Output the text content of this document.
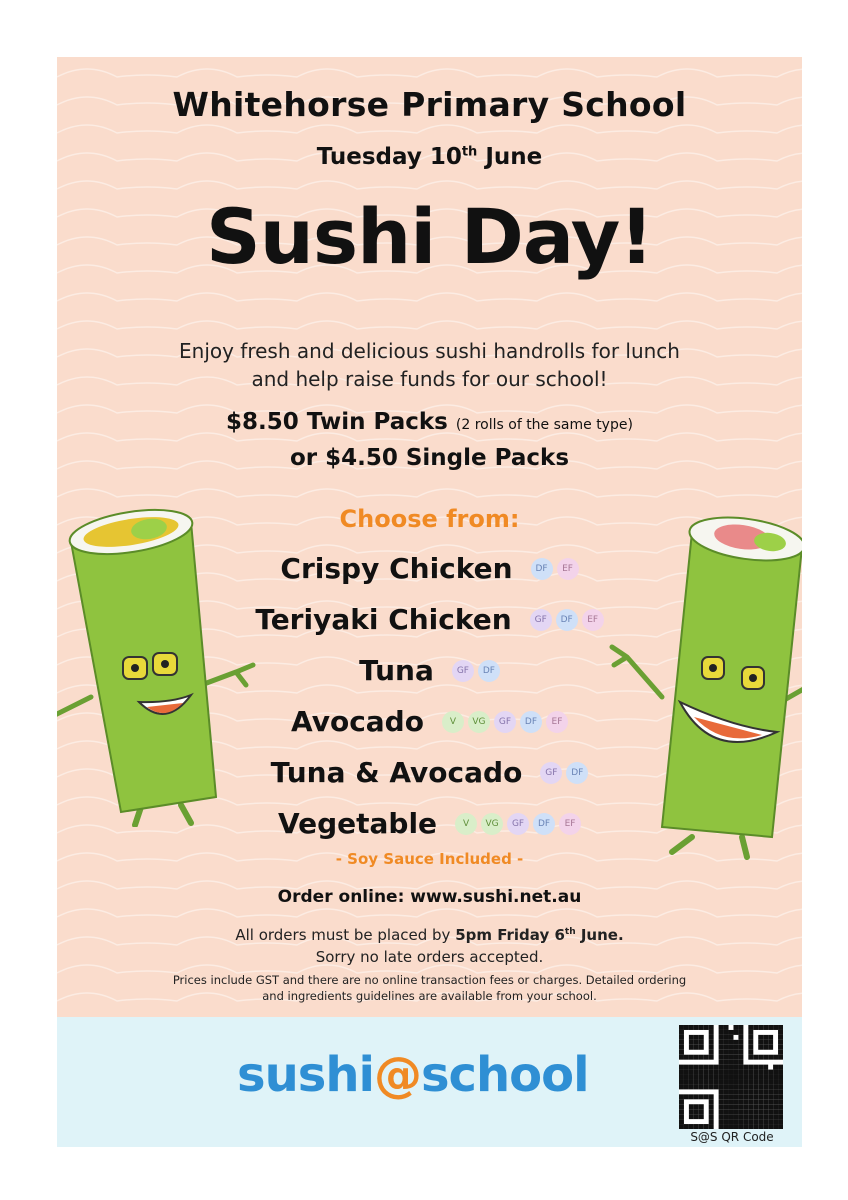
Whitehorse Primary School
Tuesday 10th June
Sushi Day!
Enjoy fresh and delicious sushi handrolls for lunch
and help raise funds for our school!
$8.50 Twin Packs (2 rolls of the same type)
or $4.50 Single Packs
Choose from:
Crispy Chicken	DF	EF
Teriyaki Chicken	GF	DF	EF
Tuna	GF	DF
Avocado	V	VG	GF	DF	EF
Tuna & Avocado	GF	DF
Vegetable	V	VG	GF	DF	EF
- Soy Sauce Included -
Order online: www.sushi.net.au
All orders must be placed by 5pm Friday 6th June.
Sorry no late orders accepted.
Prices include GST and there are no online transaction fees or charges. Detailed ordering
and ingredients guidelines are available from your school.
sushi@school
S@S QR Code
